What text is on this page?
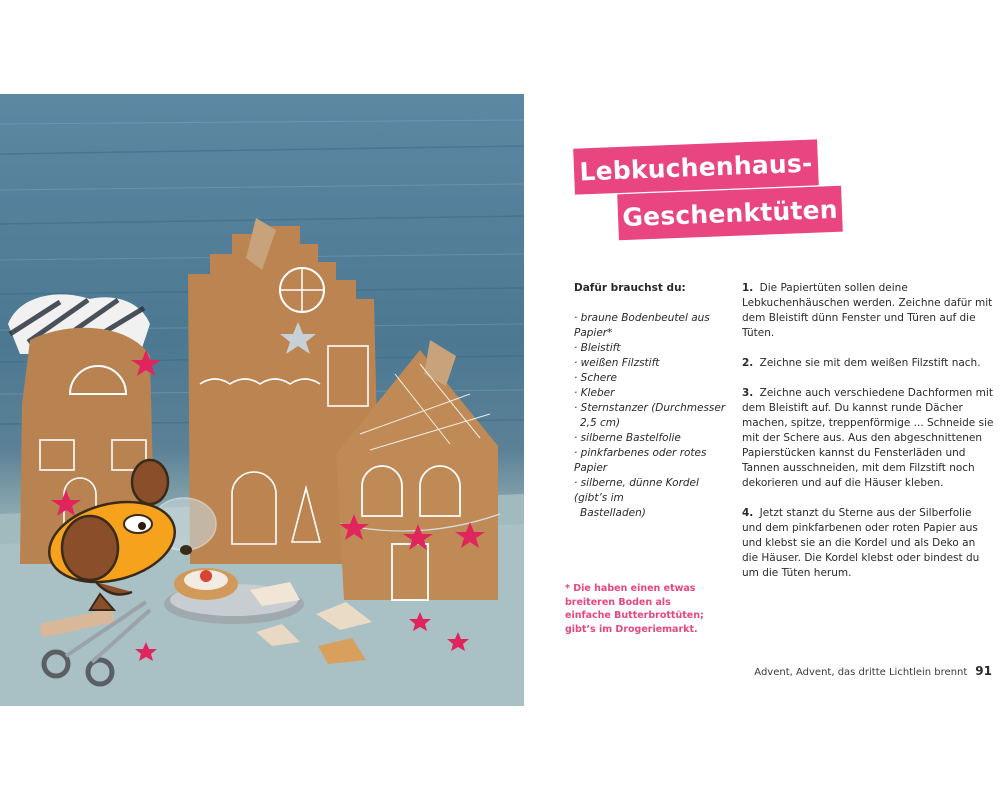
Lebkuchenhaus-
Geschenktüten
Dafür brauchst du:
· braune Bodenbeutel aus Papier*
· Bleistift
· weißen Filzstift
· Schere
· Kleber
· Sternstanzer (Durchmesser
2,5 cm)
· silberne Bastelfolie
· pinkfarbenes oder rotes Papier
· silberne, dünne Kordel (gibt’s im
Bastelladen)

1. Die Papiertüten sollen deine Lebkuchenhäuschen werden. Zeichne dafür mit dem Bleistift dünn Fenster und Türen auf die Tüten.

2. Zeichne sie mit dem weißen Filzstift nach.

3. Zeichne auch verschiedene Dachformen mit dem Bleistift auf. Du kannst runde Dächer machen, spitze, treppenförmige ... Schneide sie mit der Schere aus. Aus den abgeschnittenen Papierstücken kannst du Fensterläden und Tannen ausschneiden, mit dem Filzstift noch dekorieren und auf die Häuser kleben.

4. Jetzt stanzt du Sterne aus der Silberfolie und dem pinkfarbenen oder roten Papier aus und klebst sie an die Kordel und als Deko an die Häuser. Die Kordel klebst oder bindest du um die Tüten herum.

* Die haben einen etwas breiteren Boden als einfache Butterbrottüten; gibt’s im Drogeriemarkt.
Advent, Advent, das dritte Lichtlein brennt 91
